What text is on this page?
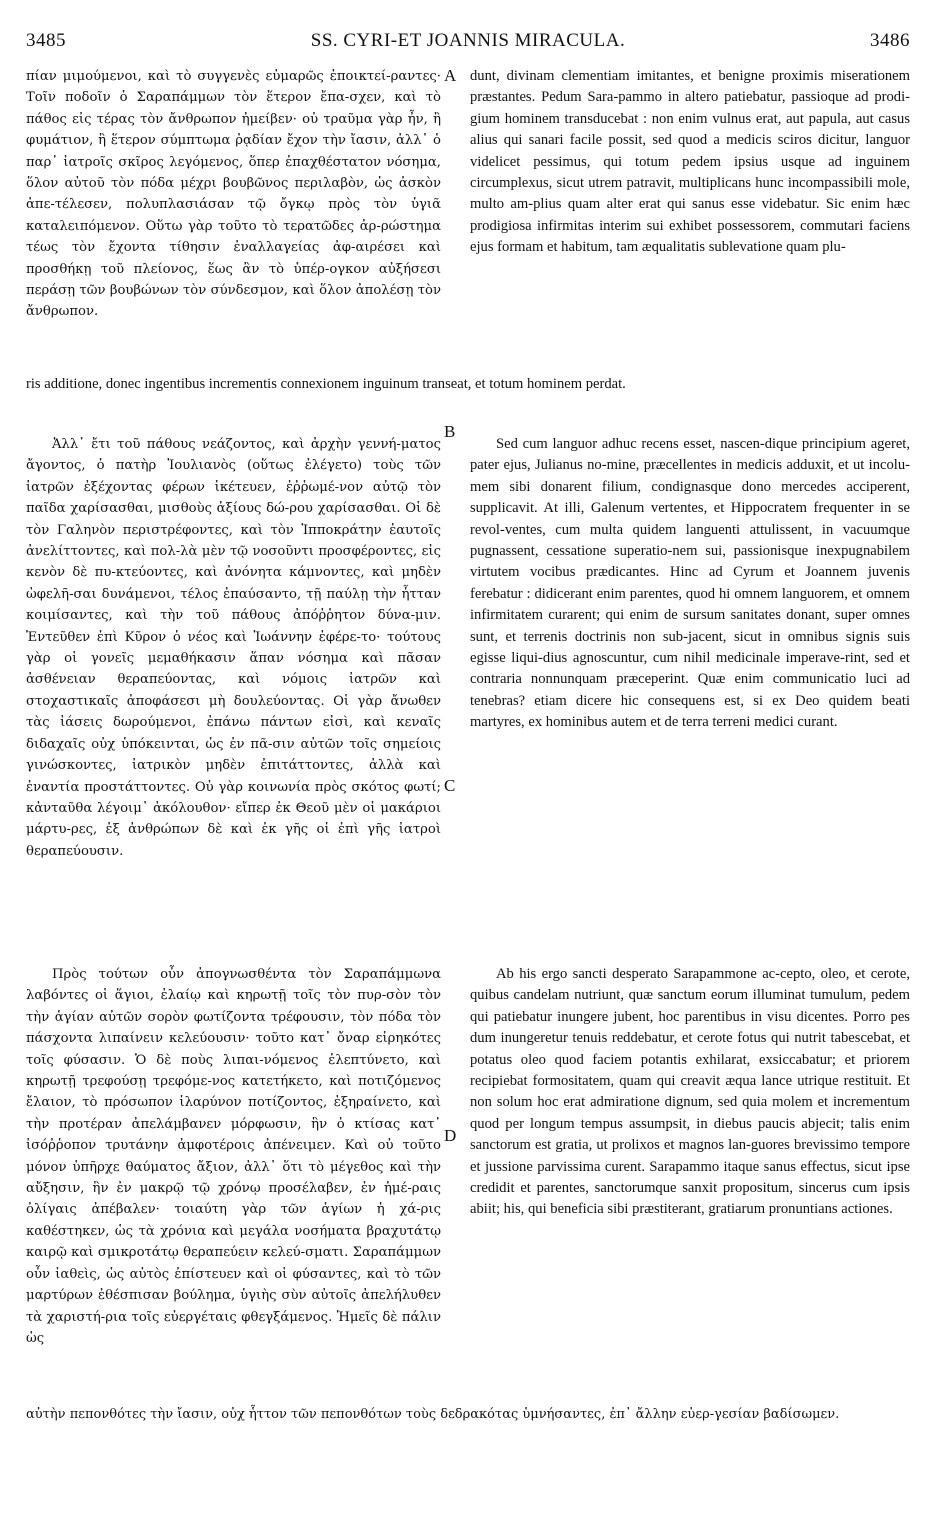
3485	SS. CYRI-ET JOANNIS MIRACULA.	3486

πίαν μιμούμενοι, καὶ τὸ συγγενὲς εὐμαρῶς ἐποικτεί-ραντες· Τοῖν ποδοῖν ὁ Σαραπάμμων τὸν ἕτερον ἔπα-σχεν, καὶ τὸ πάθος εἰς τέρας τὸν ἄνθρωπον ἠμείβεν· οὐ τραῦμα γὰρ ἦν, ἢ φυμάτιον, ἢ ἕτερον σύμπτωμα ῥᾳδίαν ἔχον τὴν ἴασιν, ἀλλ᾽ ὁ παρ᾽ ἰατροῖς σκῖρος λεγόμενος, ὅπερ ἐπαχθέστατον νόσημα, ὅλον αὐτοῦ τὸν πόδα μέχρι βουβῶνος περιλαβὸν, ὡς ἀσκὸν ἀπε-τέλεσεν, πολυπλασιάσαν τῷ ὄγκῳ πρὸς τὸν ὑγιᾶ καταλειπόμενον. Οὕτω γὰρ τοῦτο τὸ τερατῶδες ἀρ-ρώστημα τέως τὸν ἔχοντα τίθησιν ἐναλλαγείας ἀφ-αιρέσει καὶ προσθήκῃ τοῦ πλείονος, ἕως ἂν τὸ ὑπέρ-ογκον αὐξήσεσι περάσῃ τῶν βουβώνων τὸν σύνδεσμον, καὶ ὅλον ἀπολέσῃ τὸν ἄνθρωπον.

A dunt, divinam clementiam imitantes, et benigne proximis miserationem præstantes. Pedum Sara-pammo in altero patiebatur, passioque ad prodi-gium hominem transducebat : non enim vulnus erat, aut papula, aut casus alius qui sanari facile possit, sed quod a medicis sciros dicitur, languor videlicet pessimus, qui totum pedem ipsius usque ad inguinem circumplexus, sicut utrem patravit, multiplicans hunc incompassibili mole, multo am-plius quam alter erat qui sanus esse videbatur. Sic enim hæc prodigiosa infirmitas interim sui exhibet possessorem, commutari faciens ejus formam et habitum, tam æqualitatis sublevatione quam plu-

ris additione, donec ingentibus incrementis connexionem inguinum transeat, et totum hominem perdat.
B

Ἀλλ᾽ ἔτι τοῦ πάθους νεάζοντος, καὶ ἀρχὴν γεννή-ματος ἄγοντος, ὁ πατὴρ Ἰουλιανὸς (οὕτως ἐλέγετο) τοὺς τῶν ἰατρῶν ἐξέχοντας φέρων ἱκέτευεν, ἐῤῥωμέ-νον αὐτῷ τὸν παῖδα χαρίσασθαι, μισθοὺς ἀξίους δώ-ρου χαρίσασθαι. Οἱ δὲ τὸν Γαληνὸν περιστρέφοντες, καὶ τὸν Ἱπποκράτην ἑαυτοῖς ἀνελίττοντες, καὶ πολ-λὰ μὲν τῷ νοσοῦντι προσφέροντες, εἰς κενὸν δὲ πυ-κτεύοντες, καὶ ἀνόνητα κάμνοντες, καὶ μηδὲν ὠφελῆ-σαι δυνάμενοι, τέλος ἐπαύσαντο, τῇ παύλῃ τὴν ἧτταν κοιμίσαντες, καὶ τὴν τοῦ πάθους ἀπόῤῥητον δύνα-μιν. Ἐντεῦθεν ἐπὶ Κῦρον ὁ νέος καὶ Ἰωάννην ἐφέρε-το· τούτους γὰρ οἱ γονεῖς μεμαθήκασιν ἅπαν νόσημα καὶ πᾶσαν ἀσθένειαν θεραπεύοντας, καὶ νόμοις ἰατρῶν καὶ στοχαστικαῖς ἀποφάσεσι μὴ δουλεύοντας. Οἱ γὰρ ἄνωθεν τὰς ἰάσεις δωρούμενοι, ἐπάνω πάντων εἰσὶ, καὶ κεναῖς διδαχαῖς οὐχ ὑπόκεινται, ὡς ἐν πᾶ-σιν αὐτῶν τοῖς σημείοις γινώσκοντες, ἰατρικὸν μηδὲν ἐπιτάττοντες, ἀλλὰ καὶ ἐναντία προστάττοντες. Οὐ γὰρ κοινωνία πρὸς σκότος φωτί; κἀνταῦθα λέγοιμ᾽ ἀκόλουθον· εἴπερ ἐκ Θεοῦ μὲν οἱ μακάριοι μάρτυ-ρες, ἐξ ἀνθρώπων δὲ καὶ ἐκ γῆς οἱ ἐπὶ γῆς ἰατροὶ θεραπεύουσιν.

Sed cum languor adhuc recens esset, nascen-dique principium ageret, pater ejus, Julianus no-mine, præcellentes in medicis adduxit, et ut incolu-mem sibi donarent filium, condignasque dono mercedes acciperent, supplicavit. At illi, Galenum vertentes, et Hippocratem frequenter in se revol-ventes, cum multa quidem languenti attulissent, in vacuumque pugnassent, cessatione superatio-nem sui, passionisque inexpugnabilem virtutem vocibus prædicantes. Hinc ad Cyrum et Joannem juvenis ferebatur : didicerant enim parentes, quod hi omnem languorem, et omnem infirmitatem curarent; qui enim de sursum sanitates donant, super omnes sunt, et terrenis doctrinis non sub-jacent, sicut in omnibus signis suis egisse liqui-dius agnoscuntur, cum nihil medicinale imperave-rint, sed et contraria nonnunquam præceperint. Quæ enim communicatio luci ad tenebras? etiam dicere hic consequens est, si ex Deo quidem beati martyres, ex hominibus autem et de terra terreni medici curant.

C

Πρὸς τούτων οὖν ἀπογνωσθέντα τὸν Σαραπάμμωνα λαβόντες οἱ ἅγιοι, ἐλαίῳ καὶ κηρωτῇ τοῖς τὸν πυρ-σὸν τὸν τὴν ἁγίαν αὐτῶν σορὸν φωτίζοντα τρέφουσιν, τὸν πόδα τὸν πάσχοντα λιπαίνειν κελεύουσιν· τοῦτο κατ᾽ ὄναρ εἰρηκότες τοῖς φύσασιν. Ὁ δὲ ποὺς λιπαι-νόμενος ἐλεπτύνετο, καὶ κηρωτῇ τρεφούσῃ τρεφόμε-νος κατετήκετο, καὶ ποτιζόμενος ἔλαιον, τὸ πρόσωπον ἱλαρύνον ποτίζοντος, ἐξηραίνετο, καὶ τὴν προτέραν ἀπελάμβανεν μόρφωσιν, ἣν ὁ κτίσας κατ᾽ ἰσόῤῥοπον τρυτάνην ἀμφοτέροις ἀπένειμεν. Καὶ οὐ τοῦτο μόνον ὑπῆρχε θαύματος ἄξιον, ἀλλ᾽ ὅτι τὸ μέγεθος καὶ τὴν αὔξησιν, ἣν ἐν μακρῷ τῷ χρόνῳ προσέλαβεν, ἐν ἡμέ-ραις ὀλίγαις ἀπέβαλεν· τοιαύτη γὰρ τῶν ἁγίων ἡ χά-ρις καθέστηκεν, ὡς τὰ χρόνια καὶ μεγάλα νοσήματα βραχυτάτῳ καιρῷ καὶ σμικροτάτῳ θεραπεύειν κελεύ-σματι. Σαραπάμμων οὖν ἰαθεὶς, ὡς αὐτὸς ἐπίστευεν καὶ οἱ φύσαντες, καὶ τὸ τῶν μαρτύρων ἐθέσπισαν βούλημα, ὑγιὴς σὺν αὐτοῖς ἀπελήλυθεν τὰ χαριστή-ρια τοῖς εὐεργέταις φθεγξάμενος. Ἡμεῖς δὲ πάλιν ὡς

D

Ab his ergo sancti desperato Sarapammone ac-cepto, oleo, et cerote, quibus candelam nutriunt, quæ sanctum eorum illuminat tumulum, pedem qui patiebatur inungere jubent, hoc parentibus in visu dicentes. Porro pes dum inungeretur tenuis reddebatur, et cerote fotus qui nutrit tabescebat, et potatus oleo quod faciem potantis exhilarat, exsiccabatur; et priorem recipiebat formositatem, quam qui creavit æqua lance utrique restituit. Et non solum hoc erat admiratione dignum, sed quia molem et incrementum quod per longum tempus assumpsit, in diebus paucis abjecit; talis enim sanctorum est gratia, ut prolixos et magnos lan-guores brevissimo tempore et jussione parvissima curent. Sarapammo itaque sanus effectus, sicut ipse credidit et parentes, sanctorumque sanxit propositum, sincerus cum ipsis abiit; his, qui beneficia sibi præstiterant, gratiarum pronuntians actiones.

αὐτὴν πεπονθότες τὴν ἴασιν, οὐχ ἧττον τῶν πεπονθότων τοὺς δεδρακότας ὑμνήσαντες, ἐπ᾽ ἄλλην εὐερ-γεσίαν βαδίσωμεν.
